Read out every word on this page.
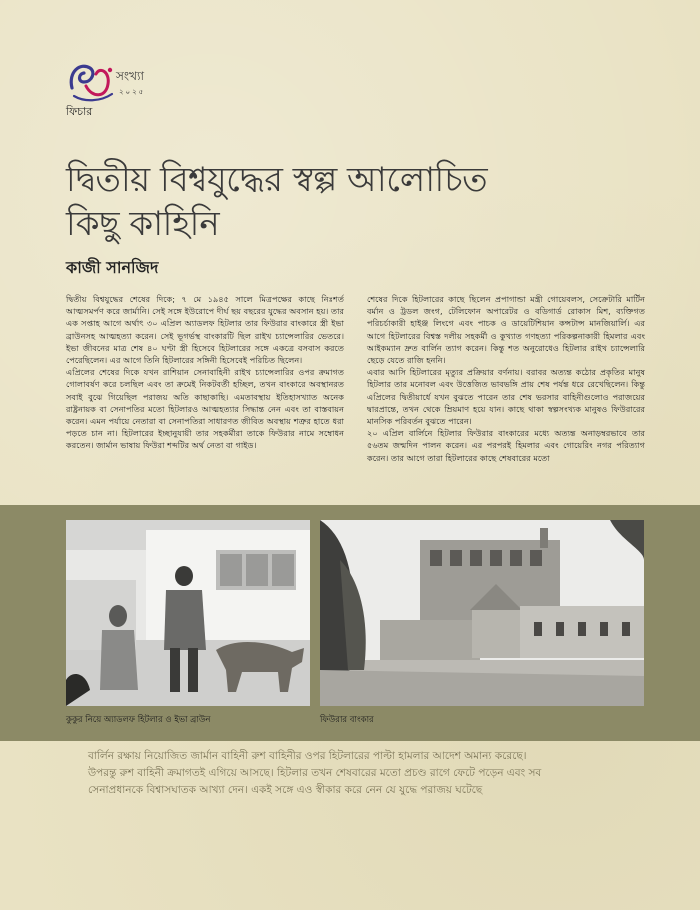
সংখ্যা
২০২৫
ফিচার
দ্বিতীয় বিশ্বযুদ্ধের স্বল্প আলোচিত
কিছু কাহিনি
কাজী সানজিদ

দ্বিতীয় বিশ্বযুদ্ধের শেষের দিকে; ৭ মে ১৯৪৫ সালে মিত্রপক্ষের কাছে নিঃশর্ত আত্মসমর্পণ করে জার্মানি। সেই সঙ্গে ইউরোপে দীর্ঘ ছয় বছরের যুদ্ধের অবসান হয়। তার এক সপ্তাহ আগে অর্থাৎ ৩০ এপ্রিল অ্যাডলফ হিটলার তার ফিউরার বাংকারে স্ত্রী ইভা ব্রাউনসহ আত্মহত্যা করেন। সেই ভূগর্ভস্থ বাংকারটি ছিল রাইখ চ্যান্সেলারির ভেতরে। ইভা জীবনের মাত্র শেষ ৪০ ঘণ্টা স্ত্রী হিসেবে হিটলারের সঙ্গে একত্রে বসবাস করতে পেরেছিলেন। এর আগে তিনি হিটলারের সঙ্গিনী হিসেবেই পরিচিত ছিলেন।

এপ্রিলের শেষের দিকে যখন রাশিয়ান সেনাবাহিনী রাইখ চ্যান্সেলারির ওপর ক্রমাগত গোলাবর্ষণ করে চলছিল এবং তা ক্রমেই নিকটবর্তী হচ্ছিল, তখন বাংকারে অবস্থানরত সবাই বুঝে গিয়েছিল পরাজয় অতি কাছাকাছি। এমতাবস্থায় ইতিহাসখ্যাত অনেক রাষ্ট্রনায়ক বা সেনাপতির মতো হিটলারও আত্মহত্যার সিদ্ধান্ত নেন এবং তা বাস্তবায়ন করেন। এমন পর্যায়ে নেতারা বা সেনাপতিরা সাধারণত জীবিত অবস্থায় শত্রুর হাতে ধরা পড়তে চান না। হিটলারের ইচ্ছানুযায়ী তার সহকর্মীরা তাকে ফিউরার নামে সম্বোধন করতেন। জার্মান ভাষায় ফিউরা শব্দটির অর্থ নেতা বা গাইড।

শেষের দিকে হিটলারের কাছে ছিলেন প্রপাগান্ডা মন্ত্রী গোয়েবলস, সেক্রেটারি মার্টিন বর্মান ও ট্রডল জংগ, টেলিফোন অপারেটর ও বডিগার্ড রোকাস মিশ, ব্যক্তিগত পরিচর্চাকারী হাইঞ্জ লিংগে এবং পাচক ও ডায়েটিশিয়ান কন্সটান্স মানজিয়ার্লি। এর আগে হিটলারের বিশ্বস্ত দলীয় সহকর্মী ও কুখ্যাত গণহত্যা পরিকল্পনাকারী হিমলার এবং আইকম্যান দ্রুত বার্লিন ত্যাগ করেন। কিন্তু শত অনুরোধেও হিটলার রাইখ চ্যান্সেলারি ছেড়ে যেতে রাজি হননি।

এবার আসি হিটলারের মৃত্যুর প্রক্রিয়ার বর্ণনায়। বরাবর অত্যন্ত কঠোর প্রকৃতির মানুষ হিটলার তার মনোবল এবং উত্তেজিত ভাবভঙ্গি প্রায় শেষ পর্যন্ত ধরে রেখেছিলেন। কিন্তু এপ্রিলের দ্বিতীয়ার্ধে যখন বুঝতে পারেন তার শেষ ভরসার বাহিনীগুলোও পরাজয়ের দ্বারপ্রান্তে, তখন থেকে ম্রিয়মাণ হয়ে যান। কাছে থাকা স্বল্পসংখ্যক মানুষও ফিউরারের মানসিক পরিবর্তন বুঝতে পারেন।

২০ এপ্রিল বার্লিনে হিটলার ফিউরার বাংকারের মধ্যে অত্যন্ত অনাড়ম্বরভাবে তার ৫৬তম জন্মদিন পালন করেন। এর পরপরই হিমলার এবং গোয়েরিং নগর পরিত্যাগ করেন। তার আগে তারা হিটলারের কাছে শেষবারের মতো

কুকুর নিয়ে অ্যাডলফ হিটলার ও ইভা ব্রাউন	ফিউরার বাংকার

বার্লিন রক্ষায় নিয়োজিত জার্মান বাহিনী রুশ বাহিনীর ওপর হিটলারের পাল্টা হামলার আদেশ অমান্য করেছে।

উপরন্তু রুশ বাহিনী ক্রমাগতই এগিয়ে আসছে। হিটলার তখন শেষবারের মতো প্রচণ্ড রাগে ফেটে পড়েন এবং সব

সেনাপ্রধানকে বিশ্বাসঘাতক আখ্যা দেন। একই সঙ্গে এও স্বীকার করে নেন যে যুদ্ধে পরাজয় ঘটেছে
